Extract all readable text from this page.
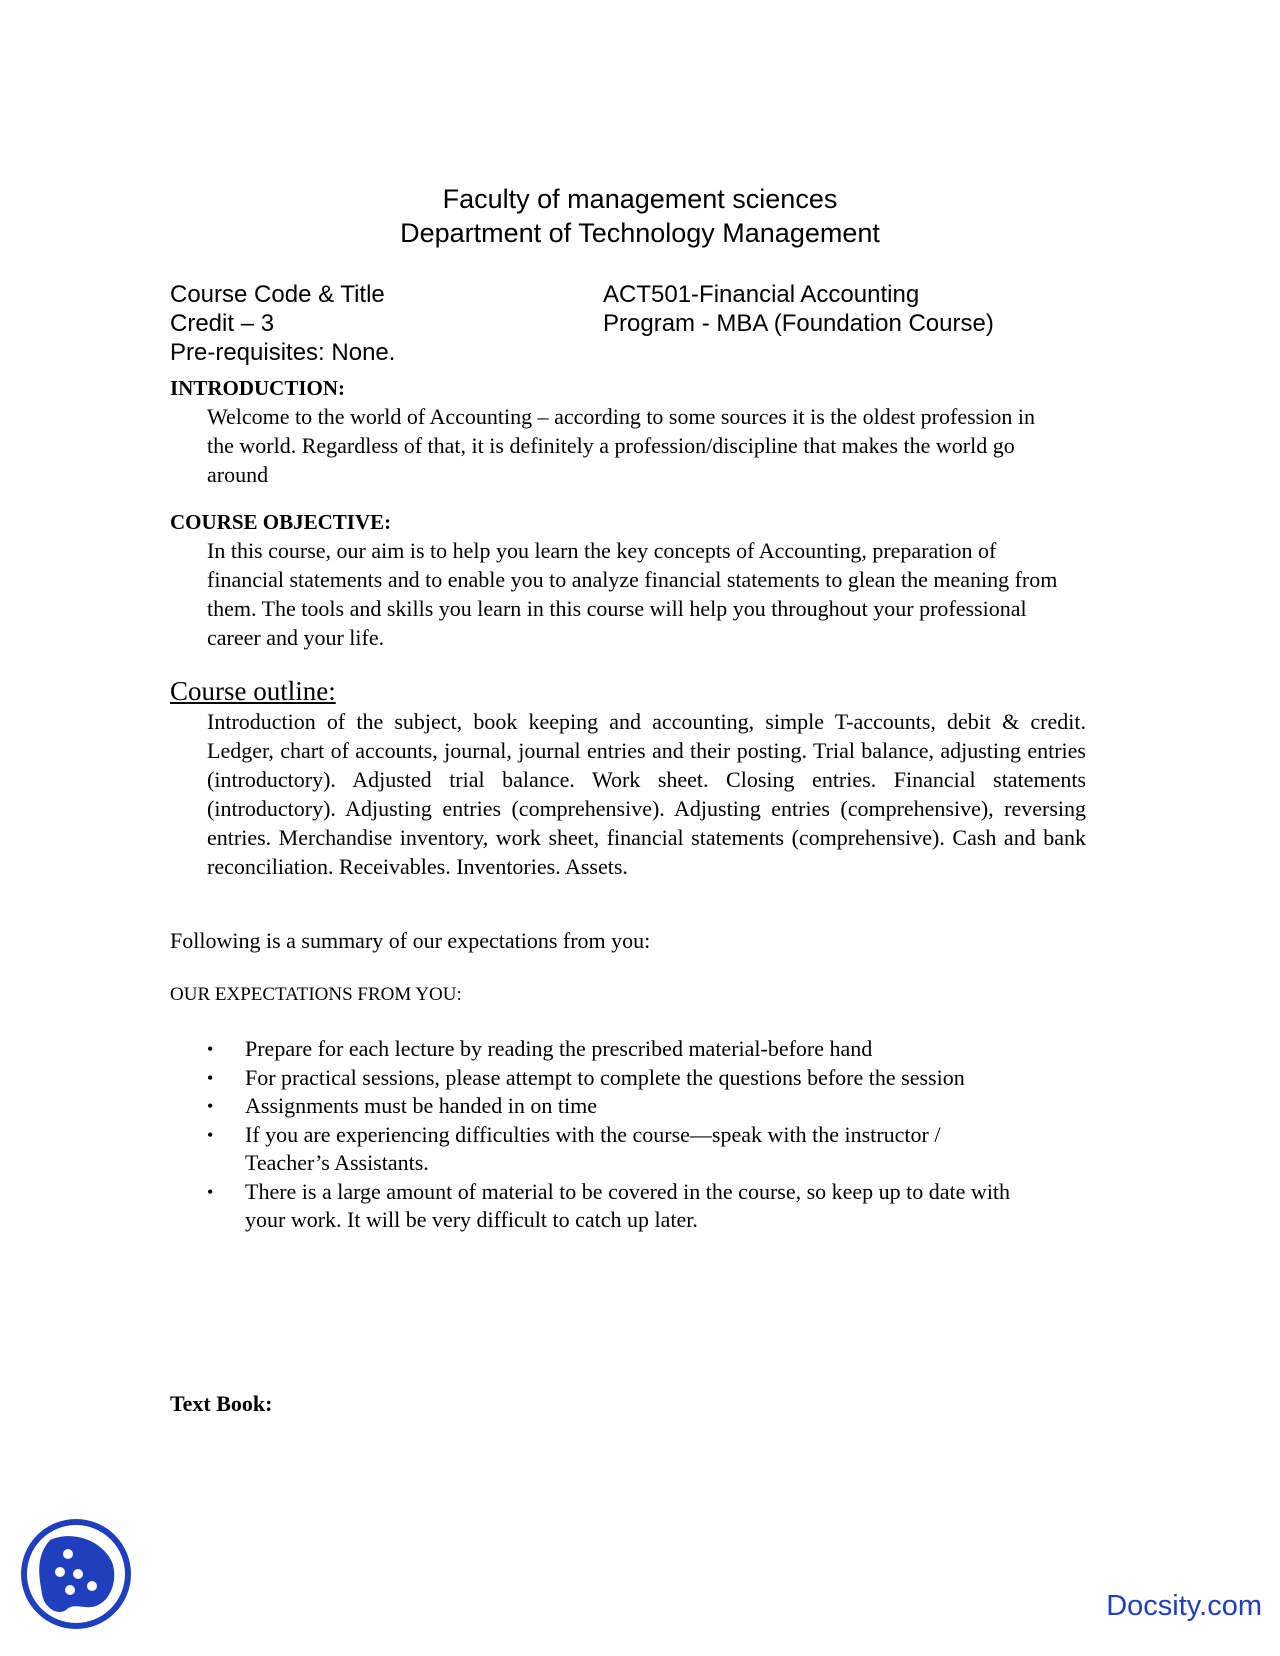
Faculty of management sciences
Department of Technology Management
Course Code & Title	ACT501-Financial Accounting
Credit – 3	Program - MBA (Foundation Course)
Pre-requisites: None.
INTRODUCTION:
Welcome to the world of Accounting – according to some sources it is the oldest profession in the world. Regardless of that, it is definitely a profession/discipline that makes the world go around
COURSE OBJECTIVE:
In this course, our aim is to help you learn the key concepts of Accounting, preparation of financial statements and to enable you to analyze financial statements to glean the meaning from them. The tools and skills you learn in this course will help you throughout your professional career and your life.
Course outline:
Introduction of the subject, book keeping and accounting, simple T-accounts, debit & credit. Ledger, chart of accounts, journal, journal entries and their posting. Trial balance, adjusting entries (introductory). Adjusted trial balance. Work sheet. Closing entries. Financial statements (introductory). Adjusting entries (comprehensive). Adjusting entries (comprehensive), reversing entries. Merchandise inventory, work sheet, financial statements (comprehensive). Cash and bank reconciliation. Receivables. Inventories. Assets.
Following is a summary of our expectations from you:
OUR EXPECTATIONS FROM YOU:
• Prepare for each lecture by reading the prescribed material-before hand
• For practical sessions, please attempt to complete the questions before the session
• Assignments must be handed in on time
• If you are experiencing difficulties with the course—speak with the instructor / Teacher’s Assistants.
• There is a large amount of material to be covered in the course, so keep up to date with your work. It will be very difficult to catch up later.
Text Book:
Docsity.com
